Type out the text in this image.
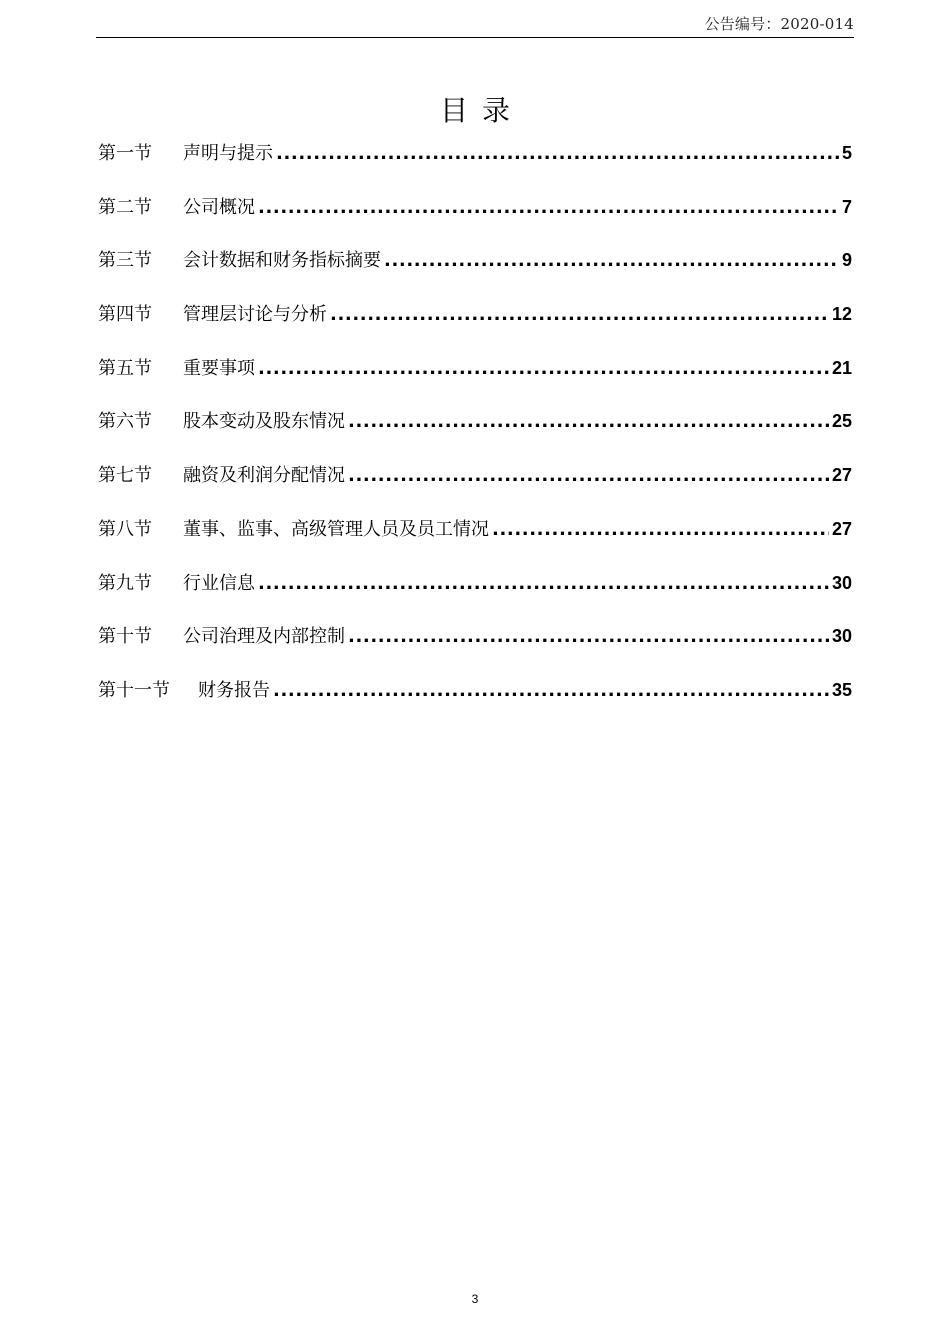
公告编号：2020-014
目录
第一节	声明与提示 .....	5
第二节	公司概况 .....	7
第三节	会计数据和财务指标摘要 .....	9
第四节	管理层讨论与分析 .....	12
第五节	重要事项 .....	21
第六节	股本变动及股东情况 .....	25
第七节	融资及利润分配情况 .....	27
第八节	董事、监事、高级管理人员及员工情况 .....	27
第九节	行业信息 .....	30
第十节	公司治理及内部控制 .....	30
第十一节	财务报告 .....	35
3
